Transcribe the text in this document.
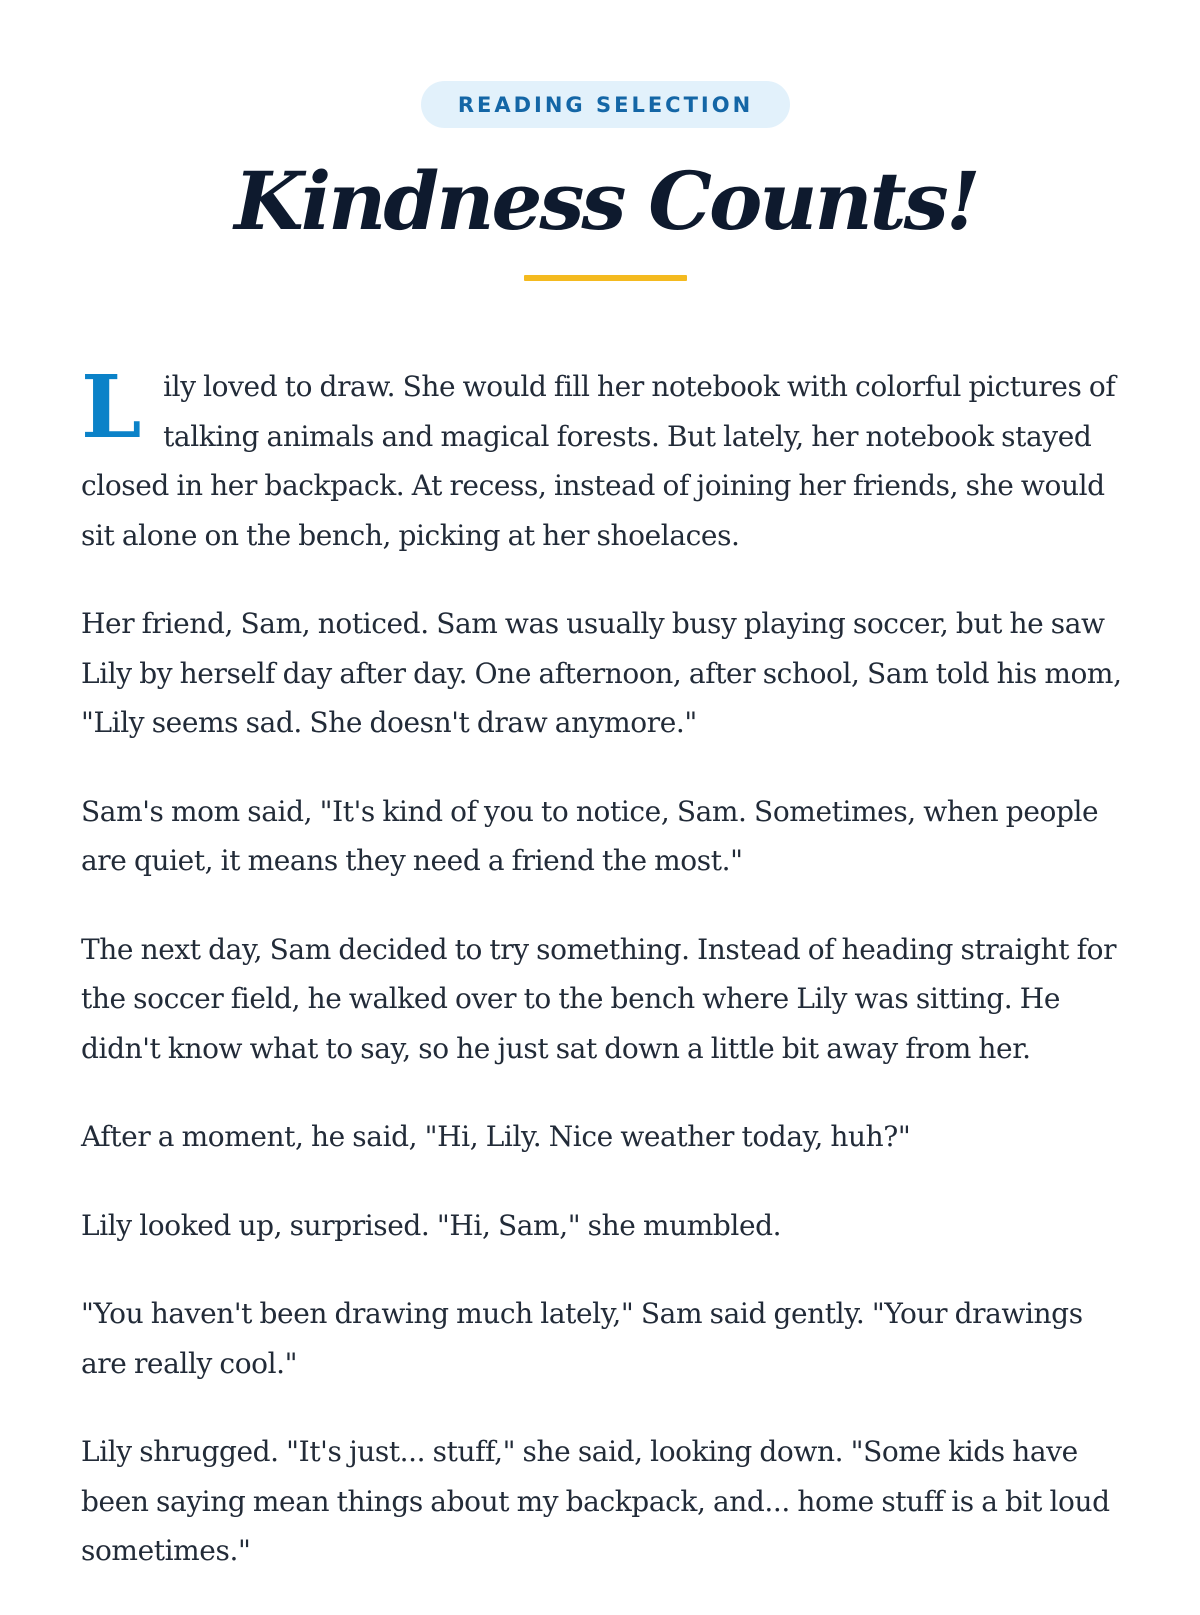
READING SELECTION
Kindness Counts!

Lily loved to draw. She would fill her notebook with colorful pictures of talking animals and magical forests. But lately, her notebook stayed closed in her backpack. At recess, instead of joining her friends, she would sit alone on the bench, picking at her shoelaces.

Her friend, Sam, noticed. Sam was usually busy playing soccer, but he saw Lily by herself day after day. One afternoon, after school, Sam told his mom, "Lily seems sad. She doesn't draw anymore."

Sam's mom said, "It's kind of you to notice, Sam. Sometimes, when people are quiet, it means they need a friend the most."

The next day, Sam decided to try something. Instead of heading straight for the soccer field, he walked over to the bench where Lily was sitting. He didn't know what to say, so he just sat down a little bit away from her.

After a moment, he said, "Hi, Lily. Nice weather today, huh?"

Lily looked up, surprised. "Hi, Sam," she mumbled.

"You haven't been drawing much lately," Sam said gently. "Your drawings are really cool."

Lily shrugged. "It's just... stuff," she said, looking down. "Some kids have been saying mean things about my backpack, and... home stuff is a bit loud sometimes."
